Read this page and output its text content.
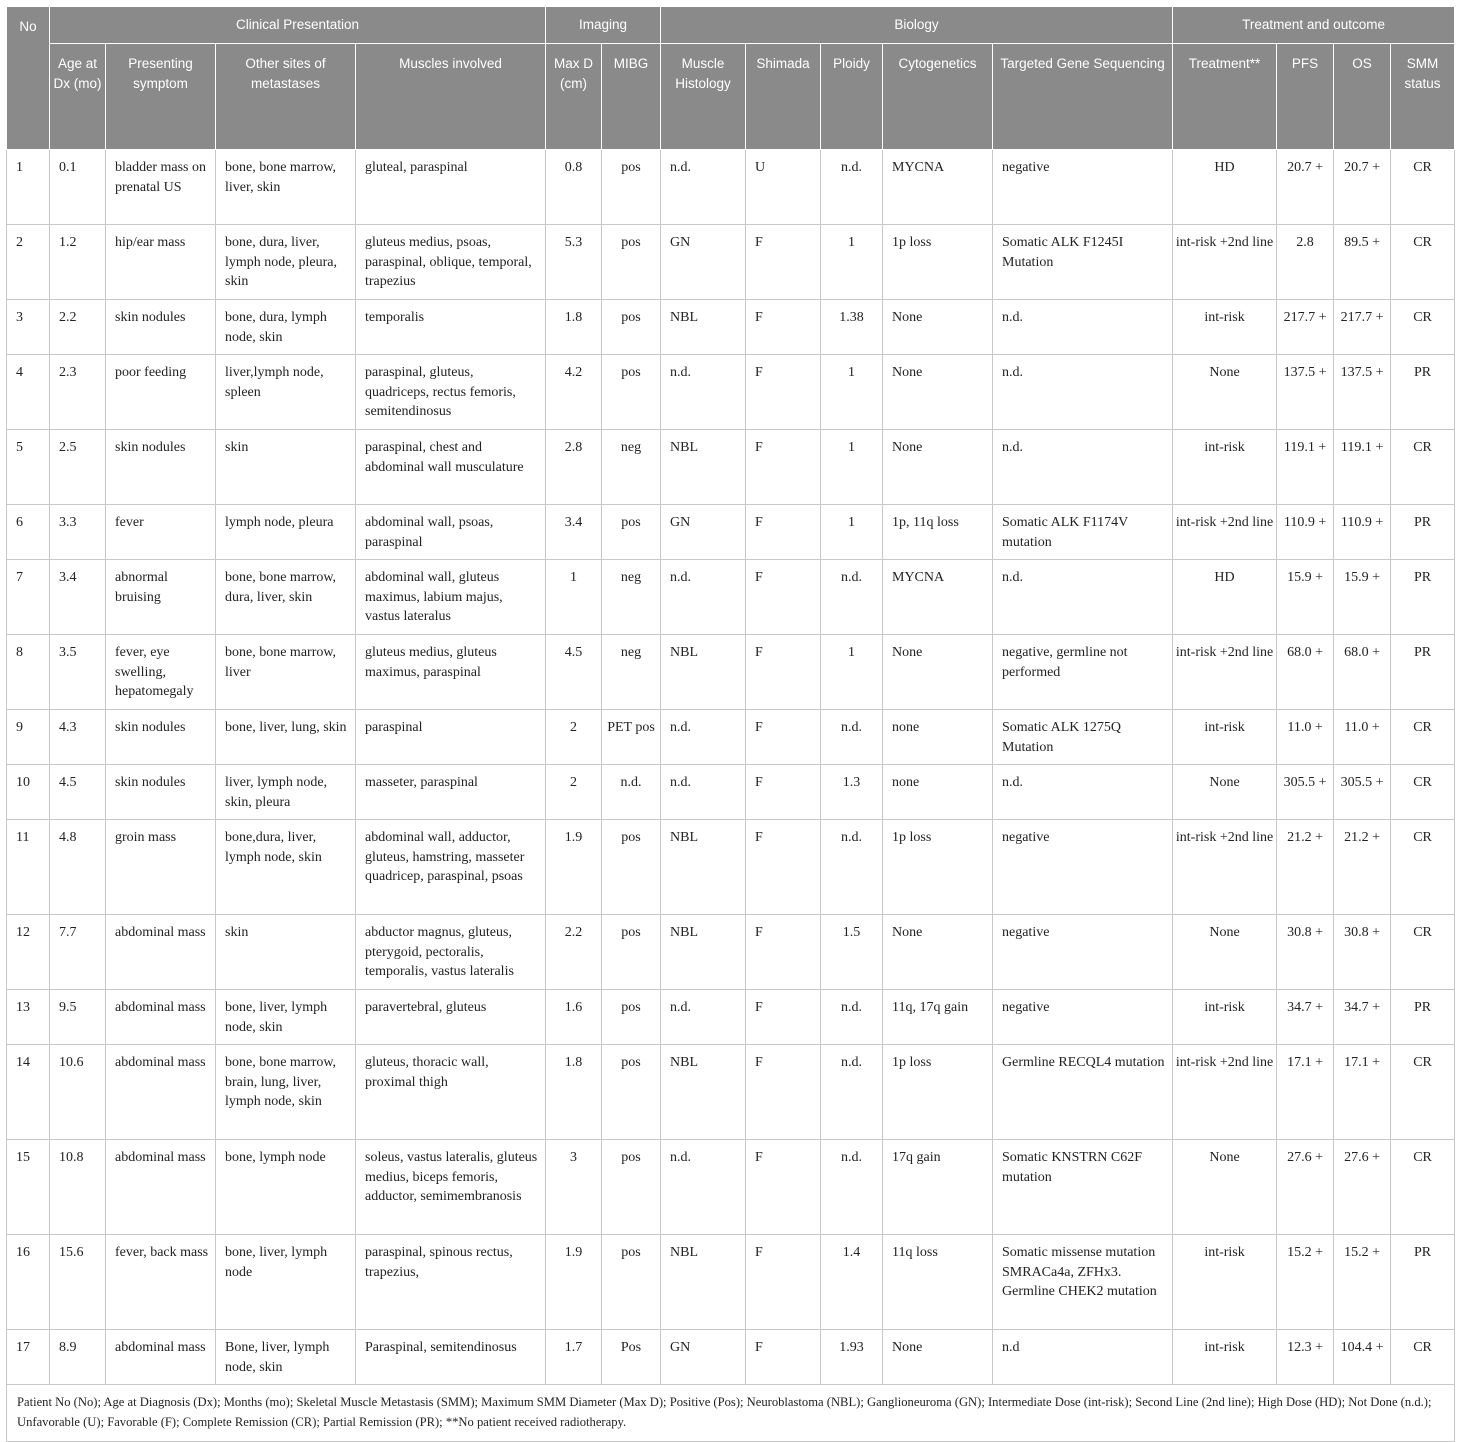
No	Clinical Presentation				Imaging		Biology					Treatment and outcome			
	Age at Dx (mo)	Presenting symptom	Other sites of metastases	Muscles involved	Max D (cm)	MIBG	Muscle Histology	Shimada	Ploidy	Cytogenetics	Targeted Gene Sequencing	Treatment**	PFS	OS	SMM status
1	0.1	bladder mass on prenatal US	bone, bone marrow, liver, skin	gluteal, paraspinal	0.8	pos	n.d.	U	n.d.	MYCNA	negative	HD	20.7 +	20.7 +	CR
2	1.2	hip/ear mass	bone, dura, liver, lymph node, pleura, skin	gluteus medius, psoas, paraspinal, oblique, temporal, trapezius	5.3	pos	GN	F	1	1p loss	Somatic ALK F1245I Mutation	int-risk +2nd line	2.8	89.5 +	CR
3	2.2	skin nodules	bone, dura, lymph node, skin	temporalis	1.8	pos	NBL	F	1.38	None	n.d.	int-risk	217.7 +	217.7 +	CR
4	2.3	poor feeding	liver,lymph node, spleen	paraspinal, gluteus, quadriceps, rectus femoris, semitendinosus	4.2	pos	n.d.	F	1	None	n.d.	None	137.5 +	137.5 +	PR
5	2.5	skin nodules	skin	paraspinal, chest and abdominal wall musculature	2.8	neg	NBL	F	1	None	n.d.	int-risk	119.1 +	119.1 +	CR
6	3.3	fever	lymph node, pleura	abdominal wall, psoas, paraspinal	3.4	pos	GN	F	1	1p, 11q loss	Somatic ALK F1174V mutation	int-risk +2nd line	110.9 +	110.9 +	PR
7	3.4	abnormal bruising	bone, bone marrow, dura, liver, skin	abdominal wall, gluteus maximus, labium majus, vastus lateralus	1	neg	n.d.	F	n.d.	MYCNA	n.d.	HD	15.9 +	15.9 +	PR
8	3.5	fever, eye swelling, hepatomegaly	bone, bone marrow, liver	gluteus medius, gluteus maximus, paraspinal	4.5	neg	NBL	F	1	None	negative, germline not performed	int-risk +2nd line	68.0 +	68.0 +	PR
9	4.3	skin nodules	bone, liver, lung, skin	paraspinal	2	PET pos	n.d.	F	n.d.	none	Somatic ALK 1275Q Mutation	int-risk	11.0 +	11.0 +	CR
10	4.5	skin nodules	liver, lymph node, skin, pleura	masseter, paraspinal	2	n.d.	n.d.	F	1.3	none	n.d.	None	305.5 +	305.5 +	CR
11	4.8	groin mass	bone,dura, liver, lymph node, skin	abdominal wall, adductor, gluteus, hamstring, masseter quadricep, paraspinal, psoas	1.9	pos	NBL	F	n.d.	1p loss	negative	int-risk +2nd line	21.2 +	21.2 +	CR
12	7.7	abdominal mass	skin	abductor magnus, gluteus, pterygoid, pectoralis, temporalis, vastus lateralis	2.2	pos	NBL	F	1.5	None	negative	None	30.8 +	30.8 +	CR
13	9.5	abdominal mass	bone, liver, lymph node, skin	paravertebral, gluteus	1.6	pos	n.d.	F	n.d.	11q, 17q gain	negative	int-risk	34.7 +	34.7 +	PR
14	10.6	abdominal mass	bone, bone marrow, brain, lung, liver, lymph node, skin	gluteus, thoracic wall, proximal thigh	1.8	pos	NBL	F	n.d.	1p loss	Germline RECQL4 mutation	int-risk +2nd line	17.1 +	17.1 +	CR
15	10.8	abdominal mass	bone, lymph node	soleus, vastus lateralis, gluteus medius, biceps femoris, adductor, semimembranosis	3	pos	n.d.	F	n.d.	17q gain	Somatic KNSTRN C62F mutation	None	27.6 +	27.6 +	CR
16	15.6	fever, back mass	bone, liver, lymph node	paraspinal, spinous rectus, trapezius,	1.9	pos	NBL	F	1.4	11q loss	Somatic missense mutation SMRACa4a, ZFHx3. Germline CHEK2 mutation	int-risk	15.2 +	15.2 +	PR
17	8.9	abdominal mass	Bone, liver, lymph node, skin	Paraspinal, semitendinosus	1.7	Pos	GN	F	1.93	None	n.d	int-risk	12.3 +	104.4 +	CR
Patient No (No); Age at Diagnosis (Dx); Months (mo); Skeletal Muscle Metastasis (SMM); Maximum SMM Diameter (Max D); Positive (Pos); Neuroblastoma (NBL); Ganglioneuroma (GN); Intermediate Dose (int-risk); Second Line (2nd line); High Dose (HD); Not Done (n.d.); Unfavorable (U); Favorable (F); Complete Remission (CR); Partial Remission (PR); **No patient received radiotherapy.															
